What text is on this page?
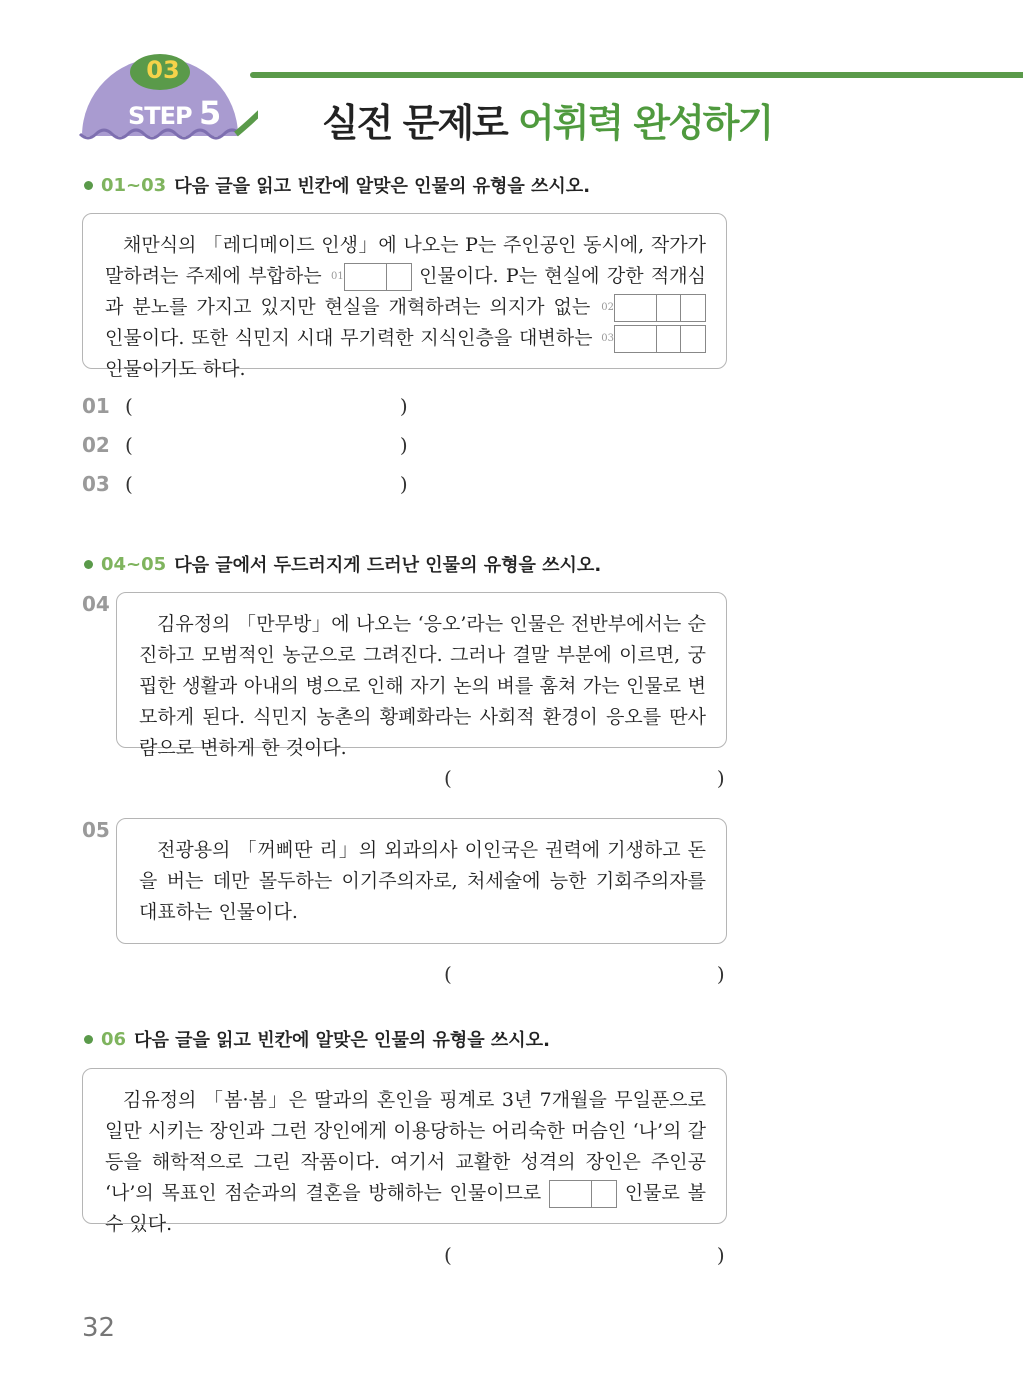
03
STEP 5	실전 문제로 어휘력 완성하기
01~03 다음 글을 읽고 빈칸에 알맞은 인물의 유형을 쓰시오.
채만식의 「레디메이드 인생」에 나오는 P는 주인공인 동시에, 작가가 말하려는 주제에 부합하는 $^{01}$	인물이다. P는 현실에 강한 적개심과 분노를 가지고 있지만 현실을 개혁하려는 의지가 없는 $^{02}$ 인물이다. 또한 식민지 시대 무기력한 지식인층을 대변하는 $^{03}$ 인물이기도 하다.
01 (	)
02 (	)
03 (	)
04~05 다음 글에서 두드러지게 드러난 인물의 유형을 쓰시오.
04
김유정의 「만무방」에 나오는 ‘응오’라는 인물은 전반부에서는 순진하고 모범적인 농군으로 그려진다. 그러나 결말 부분에 이르면, 궁핍한 생활과 아내의 병으로 인해 자기 논의 벼를 훔쳐 가는 인물로 변모하게 된다. 식민지 농촌의 황폐화라는 사회적 환경이 응오를 딴사람으로 변하게 한 것이다.
(	)
05
전광용의 「꺼삐딴 리」의 외과의사 이인국은 권력에 기생하고 돈을 버는 데만 몰두하는 이기주의자로, 처세술에 능한 기회주의자를 대표하는 인물이다.
(	)
06 다음 글을 읽고 빈칸에 알맞은 인물의 유형을 쓰시오.
김유정의 「봄·봄」은 딸과의 혼인을 핑계로 3년 7개월을 무일푼으로 일만 시키는 장인과 그런 장인에게 이용당하는 어리숙한 머슴인 ‘나’의 갈등을 해학적으로 그린 작품이다. 여기서 교활한 성격의 장인은 주인공 ‘나’의 목표인 점순과의 결혼을 방해하는 인물이므로	인물로 볼 수 있다.
(	)
32
